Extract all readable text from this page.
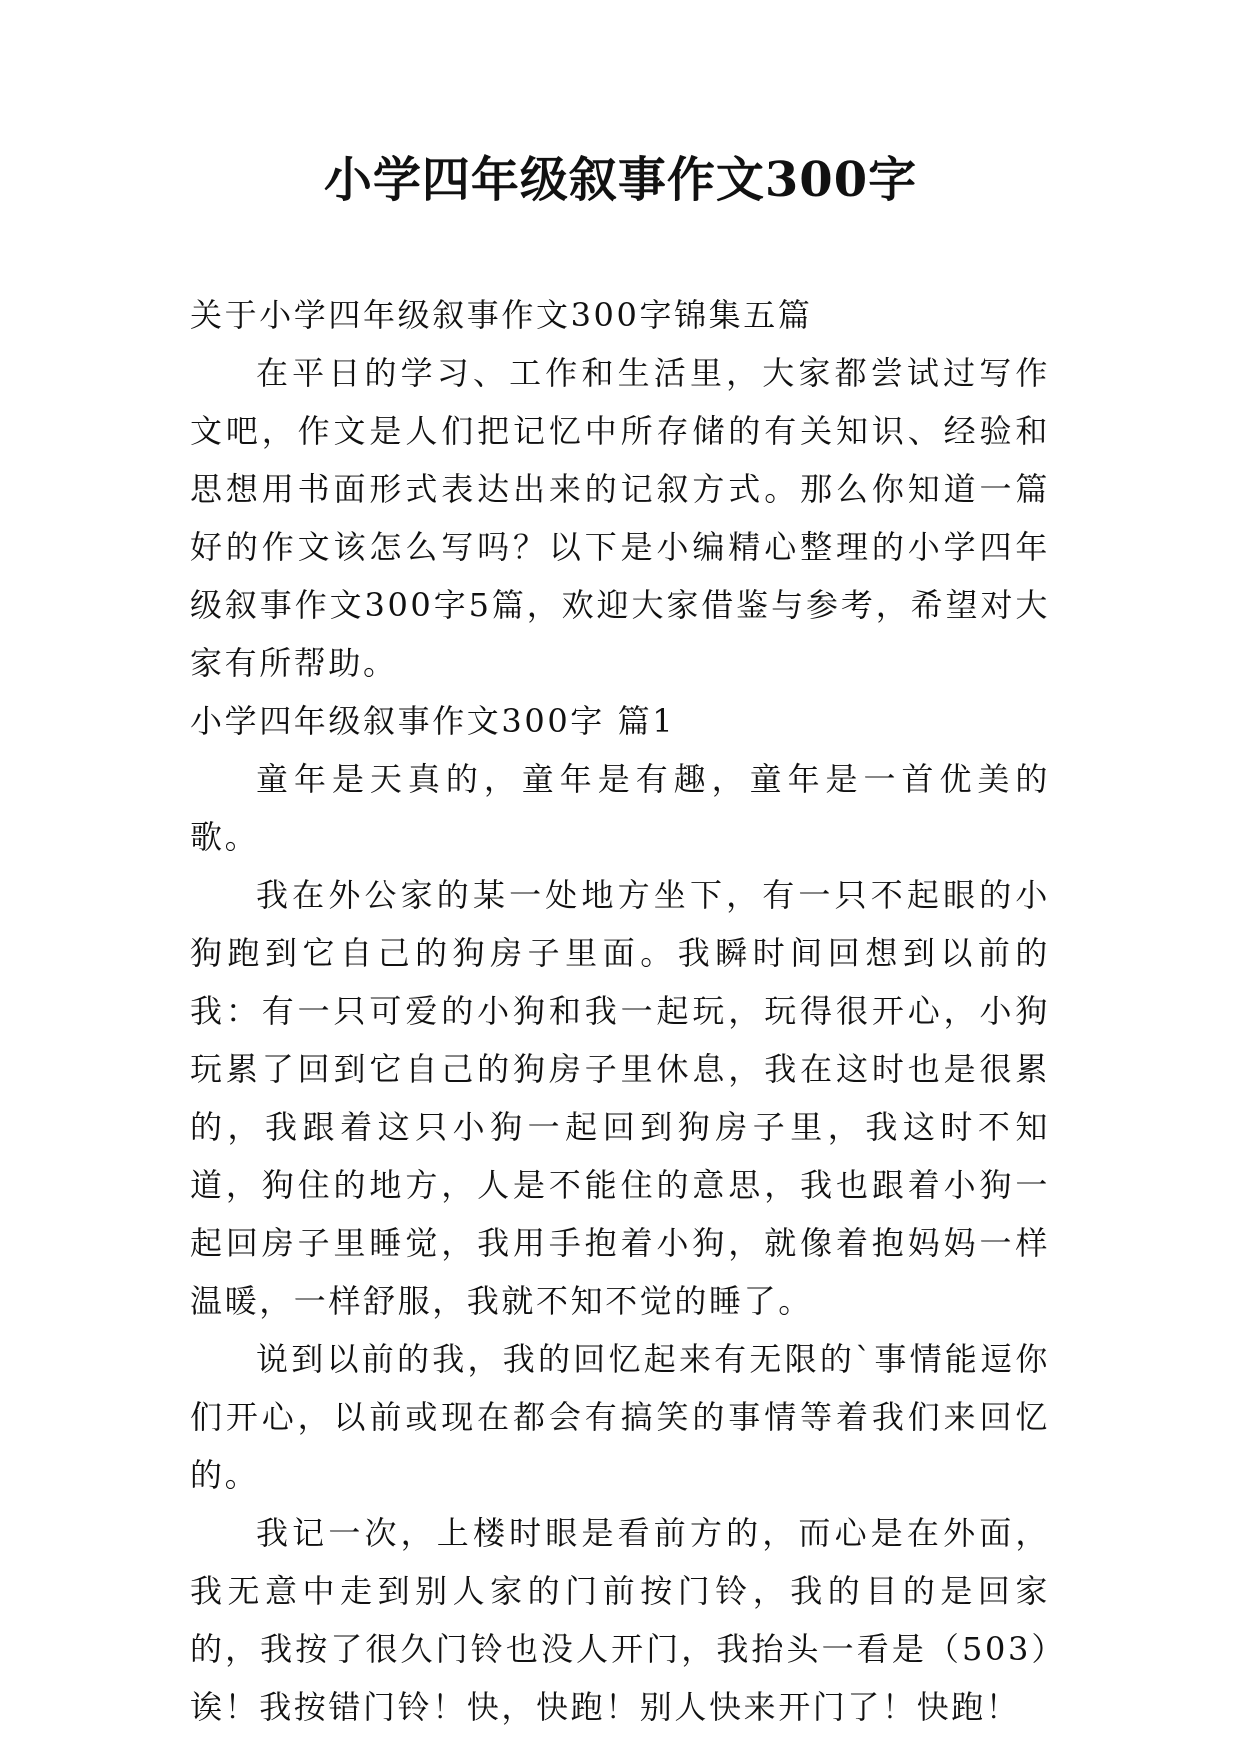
小学四年级叙事作文300字

关于小学四年级叙事作文300字锦集五篇

在平日的学习、工作和生活里，大家都尝试过写作文吧，作文是人们把记忆中所存储的有关知识、经验和思想用书面形式表达出来的记叙方式。那么你知道一篇好的作文该怎么写吗？以下是小编精心整理的小学四年级叙事作文300字5篇，欢迎大家借鉴与参考，希望对大家有所帮助。

小学四年级叙事作文300字 篇1

童年是天真的，童年是有趣，童年是一首优美的歌。

我在外公家的某一处地方坐下，有一只不起眼的小狗跑到它自己的狗房子里面。我瞬时间回想到以前的我：有一只可爱的小狗和我一起玩，玩得很开心，小狗玩累了回到它自己的狗房子里休息，我在这时也是很累的，我跟着这只小狗一起回到狗房子里，我这时不知道，狗住的地方，人是不能住的意思，我也跟着小狗一起回房子里睡觉，我用手抱着小狗，就像着抱妈妈一样温暖，一样舒服，我就不知不觉的睡了。

说到以前的我，我的回忆起来有无限的`事情能逗你们开心，以前或现在都会有搞笑的事情等着我们来回忆的。

我记一次，上楼时眼是看前方的，而心是在外面，我无意中走到别人家的门前按门铃，我的目的是回家的，我按了很久门铃也没人开门，我抬头一看是（503）诶！我按错门铃！快，快跑！别人快来开门了！快跑！
